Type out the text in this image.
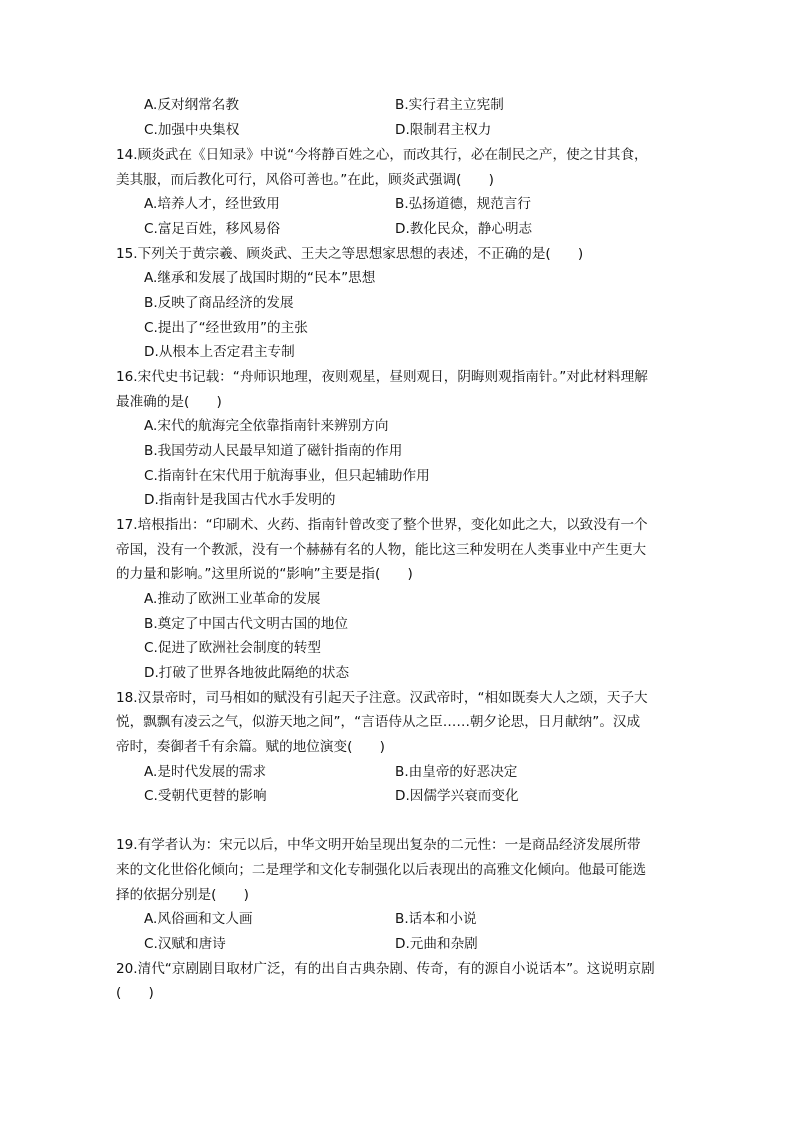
A.反对纲常名教	B.实行君主立宪制
C.加强中央集权	D.限制君主权力
14.顾炎武在《日知录》中说“今将静百姓之心，而改其行，必在制民之产，使之甘其食，
美其服，而后教化可行，风俗可善也。”在此，顾炎武强调(　　)
A.培养人才，经世致用	B.弘扬道德，规范言行
C.富足百姓，移风易俗	D.教化民众，静心明志
15.下列关于黄宗羲、顾炎武、王夫之等思想家思想的表述，不正确的是(　　)
A.继承和发展了战国时期的“民本”思想
B.反映了商品经济的发展
C.提出了“经世致用”的主张
D.从根本上否定君主专制
16.宋代史书记载：“舟师识地理，夜则观星，昼则观日，阴晦则观指南针。”对此材料理解
最准确的是(　　)
A.宋代的航海完全依靠指南针来辨别方向
B.我国劳动人民最早知道了磁针指南的作用
C.指南针在宋代用于航海事业，但只起辅助作用
D.指南针是我国古代水手发明的
17.培根指出：“印刷术、火药、指南针曾改变了整个世界，变化如此之大，以致没有一个
帝国，没有一个教派，没有一个赫赫有名的人物，能比这三种发明在人类事业中产生更大
的力量和影响。”这里所说的“影响”主要是指(　　)
A.推动了欧洲工业革命的发展
B.奠定了中国古代文明古国的地位
C.促进了欧洲社会制度的转型
D.打破了世界各地彼此隔绝的状态
18.汉景帝时，司马相如的赋没有引起天子注意。汉武帝时，“相如既奏大人之颂，天子大
悦，飘飘有凌云之气，似游天地之间”，“言语侍从之臣……朝夕论思，日月献纳”。汉成
帝时，奏御者千有余篇。赋的地位演变(　　)
A.是时代发展的需求	B.由皇帝的好恶决定
C.受朝代更替的影响	D.因儒学兴衰而变化
19.有学者认为：宋元以后，中华文明开始呈现出复杂的二元性：一是商品经济发展所带
来的文化世俗化倾向；二是理学和文化专制强化以后表现出的高雅文化倾向。他最可能选
择的依据分别是(　　)
A.风俗画和文人画	B.话本和小说
C.汉赋和唐诗	D.元曲和杂剧
20.清代“京剧剧目取材广泛，有的出自古典杂剧、传奇，有的源自小说话本”。这说明京剧
(　　)
